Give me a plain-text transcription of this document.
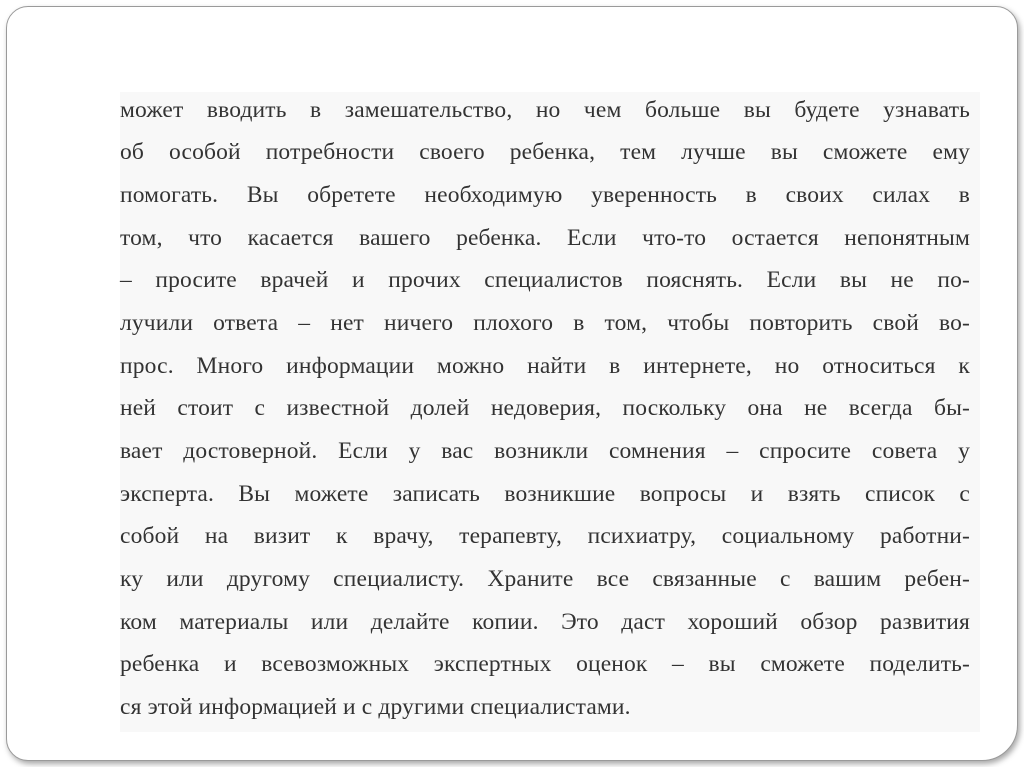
может вводить в замешательство, но чем больше вы будете узнавать
об особой потребности своего ребенка, тем лучше вы сможете ему
помогать. Вы обретете необходимую уверенность в своих силах в
том, что касается вашего ребенка. Если что-то остается непонятным
– просите врачей и прочих специалистов пояснять. Если вы не по-
лучили ответа – нет ничего плохого в том, чтобы повторить свой во-
прос. Много информации можно найти в интернете, но относиться к
ней стоит с известной долей недоверия, поскольку она не всегда бы-
вает достоверной. Если у вас возникли сомнения – спросите совета у
эксперта. Вы можете записать возникшие вопросы и взять список с
собой на визит к врачу, терапевту, психиатру, социальному работни-
ку или другому специалисту. Храните все связанные с вашим ребен-
ком материалы или делайте копии. Это даст хороший обзор развития
ребенка и всевозможных экспертных оценок – вы сможете поделить-
ся этой информацией и с другими специалистами.
